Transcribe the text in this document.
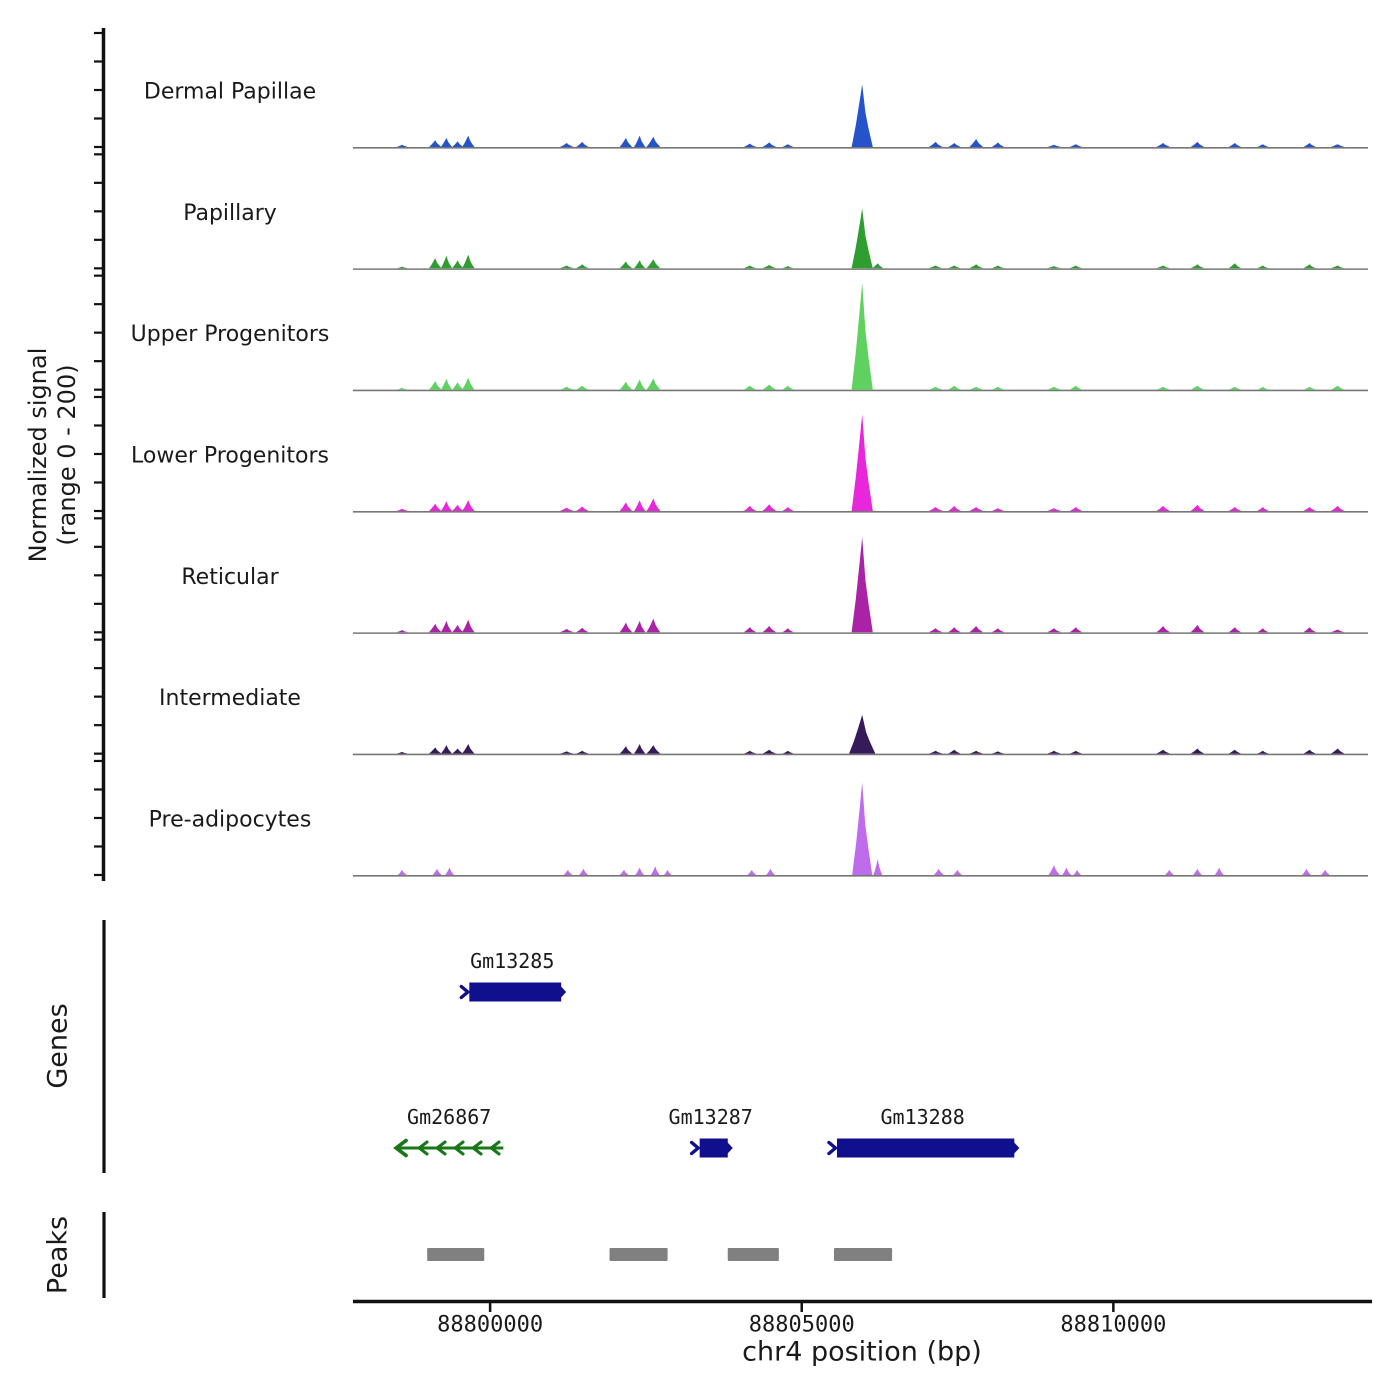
Normalized signal (range 0 - 200)
Genes
Peaks
chr4 position (bp)
Dermal Papillae
Papillary
Upper Progenitors
Lower Progenitors
Reticular
Intermediate
Pre-adipocytes
Gm13285
Gm26867	Gm13287	Gm13288
88800000	88805000	88810000
